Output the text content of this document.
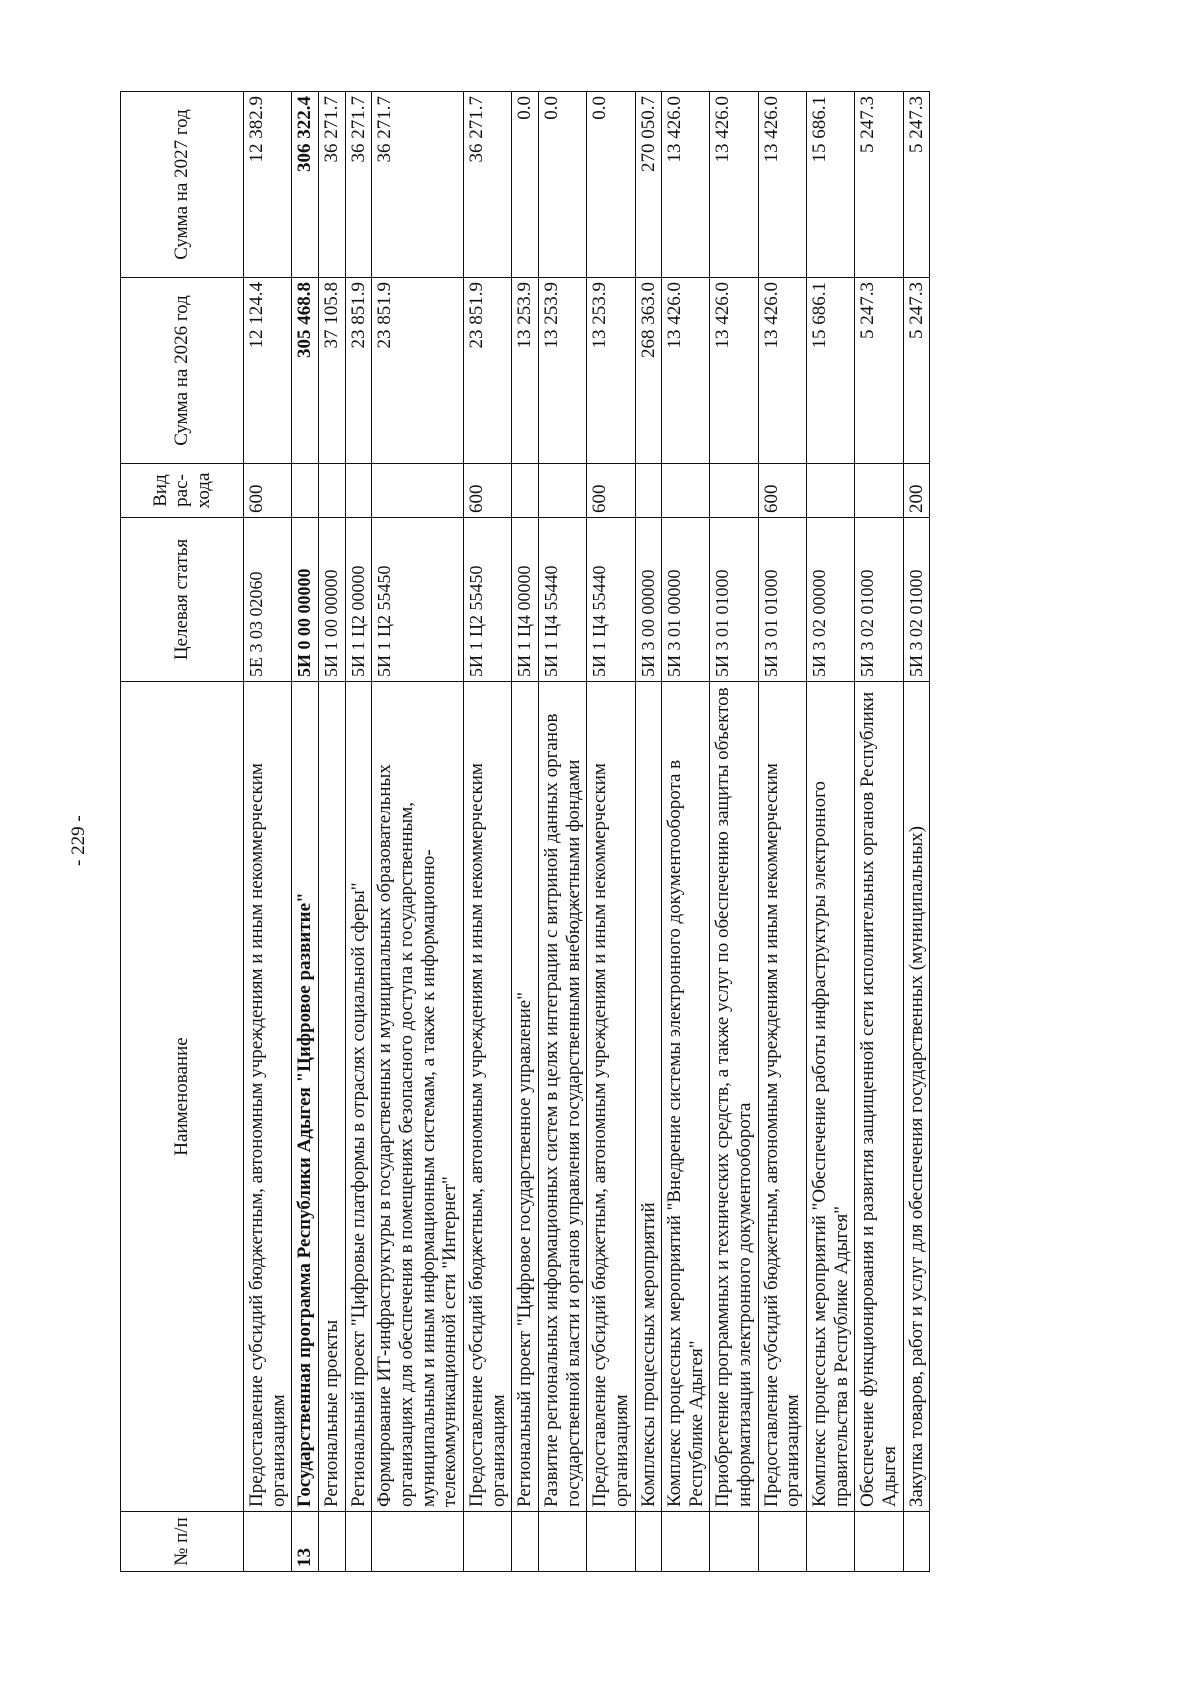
- 229 -
№ п/п	Наименование	Целевая статья	Вид рас-хода	Сумма на 2026 год	Сумма на 2027 год
	Предоставление субсидий бюджетным, автономным учреждениям и иным некоммерческим организациям	5Е 3 03 02060	600	12 124.4	12 382.9
13	Государственная программа Республики Адыгея "Цифровое развитие"	5И 0 00 00000		305 468.8	306 322.4
	Региональные проекты	5И 1 00 00000		37 105.8	36 271.7
	Региональный проект "Цифровые платформы в отраслях социальной сферы"	5И 1 Ц2 00000		23 851.9	36 271.7
	Формирование ИТ-инфраструктуры в государственных и муниципальных образовательных организациях для обеспечения в помещениях безопасного доступа к государственным, муниципальным и иным информационным системам, а также к информационно-телекоммуникационной сети "Интернет"	5И 1 Ц2 55450		23 851.9	36 271.7
	Предоставление субсидий бюджетным, автономным учреждениям и иным некоммерческим организациям	5И 1 Ц2 55450	600	23 851.9	36 271.7
	Региональный проект "Цифровое государственное управление"	5И 1 Ц4 00000		13 253.9	0.0
	Развитие региональных информационных систем в целях интеграции с витриной данных органов государственной власти и органов управления государственными внебюджетными фондами	5И 1 Ц4 55440		13 253.9	0.0
	Предоставление субсидий бюджетным, автономным учреждениям и иным некоммерческим организациям	5И 1 Ц4 55440	600	13 253.9	0.0
	Комплексы процессных мероприятий	5И 3 00 00000		268 363.0	270 050.7
	Комплекс процессных мероприятий "Внедрение системы электронного документооборота в Республике Адыгея"	5И 3 01 00000		13 426.0	13 426.0
	Приобретение программных и технических средств, а также услуг по обеспечению защиты объектов информатизации электронного документооборота	5И 3 01 01000		13 426.0	13 426.0
	Предоставление субсидий бюджетным, автономным учреждениям и иным некоммерческим организациям	5И 3 01 01000	600	13 426.0	13 426.0
	Комплекс процессных мероприятий "Обеспечение работы инфраструктуры электронного правительства в Республике Адыгея"	5И 3 02 00000		15 686.1	15 686.1
	Обеспечение функционирования и развития защищенной сети исполнительных органов Республики Адыгея	5И 3 02 01000		5 247.3	5 247.3
	Закупка товаров, работ и услуг для обеспечения государственных (муниципальных)	5И 3 02 01000	200	5 247.3	5 247.3
